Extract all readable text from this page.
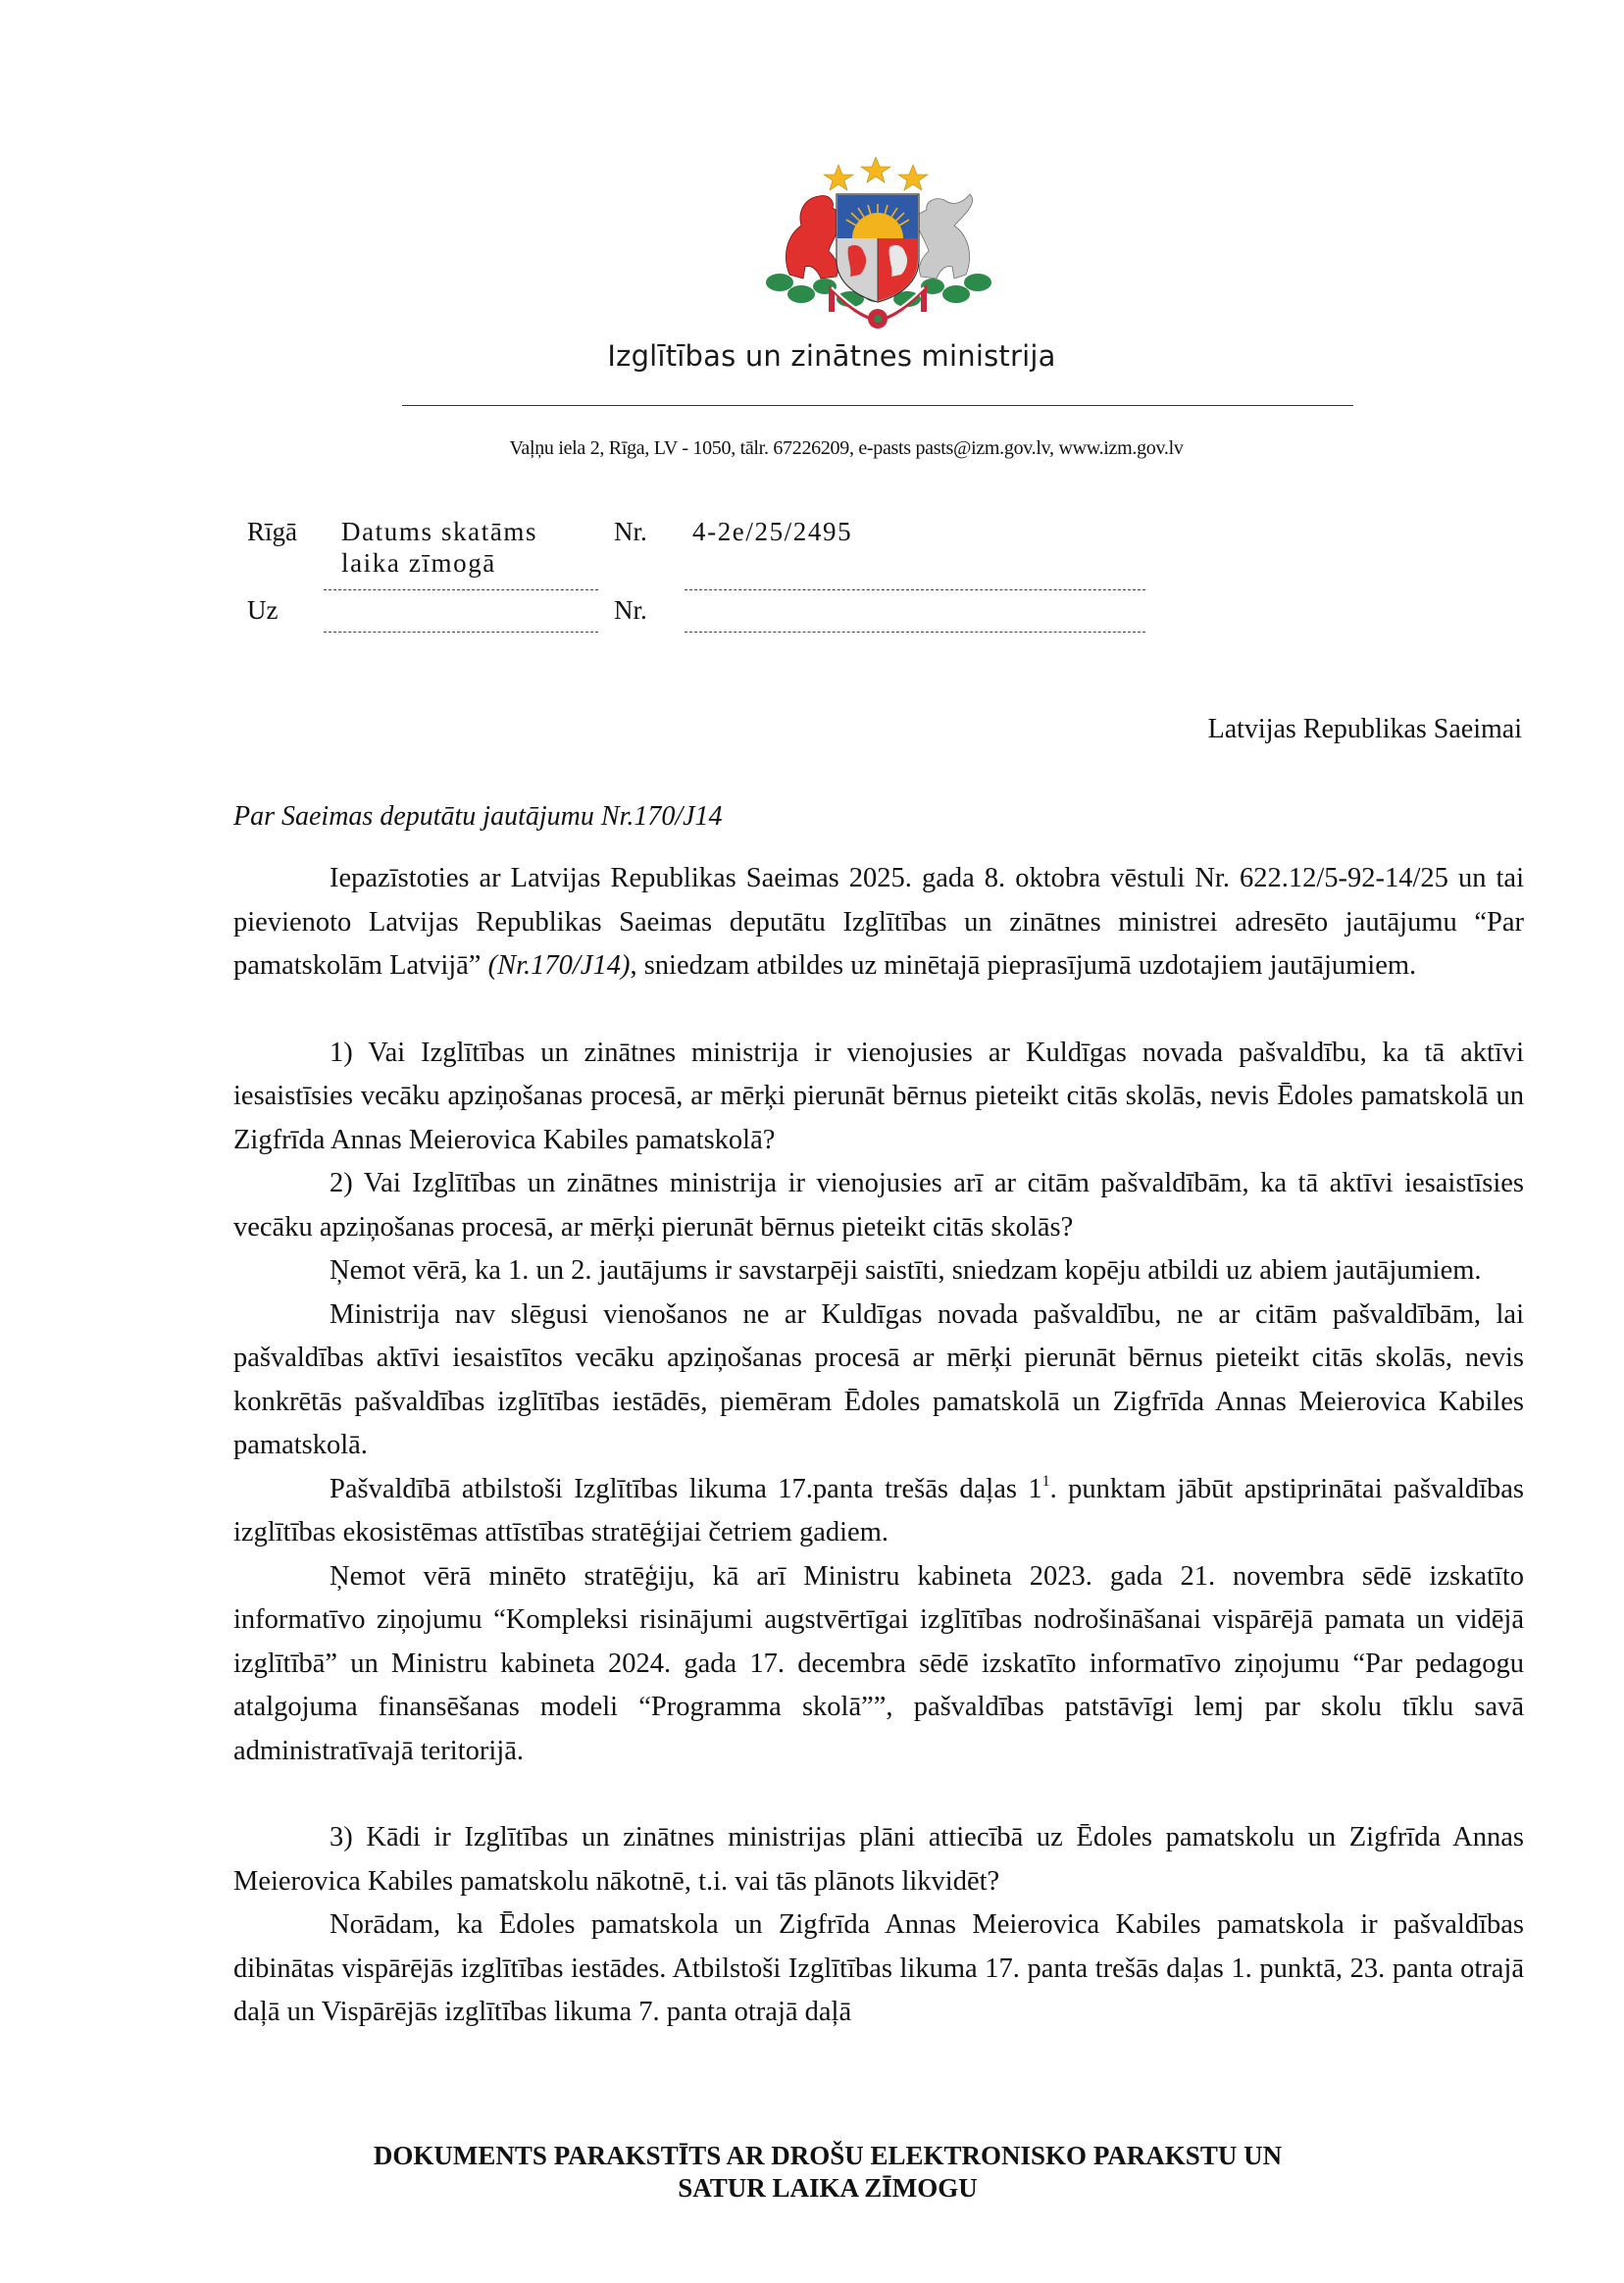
Izglītības un zinātnes ministrija
Vaļņu iela 2, Rīga, LV - 1050, tālr. 67226209, e-pasts pasts@izm.gov.lv, www.izm.gov.lv
Rīgā Datums skatāms
laika zīmogā
Nr. 4-2e/25/2495
Uz	Nr.
Latvijas Republikas Saeimai
Par Saeimas deputātu jautājumu Nr.170/J14

Iepazīstoties ar Latvijas Republikas Saeimas 2025. gada 8. oktobra vēstuli Nr. 622.12/5-92-14/25 un tai pievienoto Latvijas Republikas Saeimas deputātu Izglītības un zinātnes ministrei adresēto jautājumu “Par pamatskolām Latvijā” (Nr.170/J14), sniedzam atbildes uz minētajā pieprasījumā uzdotajiem jautājumiem.

1) Vai Izglītības un zinātnes ministrija ir vienojusies ar Kuldīgas novada pašvaldību, ka tā aktīvi iesaistīsies vecāku apziņošanas procesā, ar mērķi pierunāt bērnus pieteikt citās skolās, nevis Ēdoles pamatskolā un Zigfrīda Annas Meierovica Kabiles pamatskolā?

2) Vai Izglītības un zinātnes ministrija ir vienojusies arī ar citām pašvaldībām, ka tā aktīvi iesaistīsies vecāku apziņošanas procesā, ar mērķi pierunāt bērnus pieteikt citās skolās?

Ņemot vērā, ka 1. un 2. jautājums ir savstarpēji saistīti, sniedzam kopēju atbildi uz abiem jautājumiem.

Ministrija nav slēgusi vienošanos ne ar Kuldīgas novada pašvaldību, ne ar citām pašvaldībām, lai pašvaldības aktīvi iesaistītos vecāku apziņošanas procesā ar mērķi pierunāt bērnus pieteikt citās skolās, nevis konkrētās pašvaldības izglītības iestādēs, piemēram Ēdoles pamatskolā un Zigfrīda Annas Meierovica Kabiles pamatskolā.

Pašvaldībā atbilstoši Izglītības likuma 17.panta trešās daļas $1^1$. punktam jābūt apstiprinātai pašvaldības izglītības ekosistēmas attīstības stratēģijai četriem gadiem.

Ņemot vērā minēto stratēģiju, kā arī Ministru kabineta 2023. gada 21. novembra sēdē izskatīto informatīvo ziņojumu “Kompleksi risinājumi augstvērtīgai izglītības nodrošināšanai vispārējā pamata un vidējā izglītībā” un Ministru kabineta 2024. gada 17. decembra sēdē izskatīto informatīvo ziņojumu “Par pedagogu atalgojuma finansēšanas modeli “Programma skolā””, pašvaldības patstāvīgi lemj par skolu tīklu savā administratīvajā teritorijā.

3) Kādi ir Izglītības un zinātnes ministrijas plāni attiecībā uz Ēdoles pamatskolu un Zigfrīda Annas Meierovica Kabiles pamatskolu nākotnē, t.i. vai tās plānots likvidēt?

Norādam, ka Ēdoles pamatskola un Zigfrīda Annas Meierovica Kabiles pamatskola ir pašvaldības dibinātas vispārējās izglītības iestādes. Atbilstoši Izglītības likuma 17. panta trešās daļas 1. punktā, 23. panta otrajā daļā un Vispārējās izglītības likuma 7. panta otrajā daļā

DOKUMENTS PARAKSTĪTS AR DROŠU ELEKTRONISKO PARAKSTU UN
SATUR LAIKA ZĪMOGU
